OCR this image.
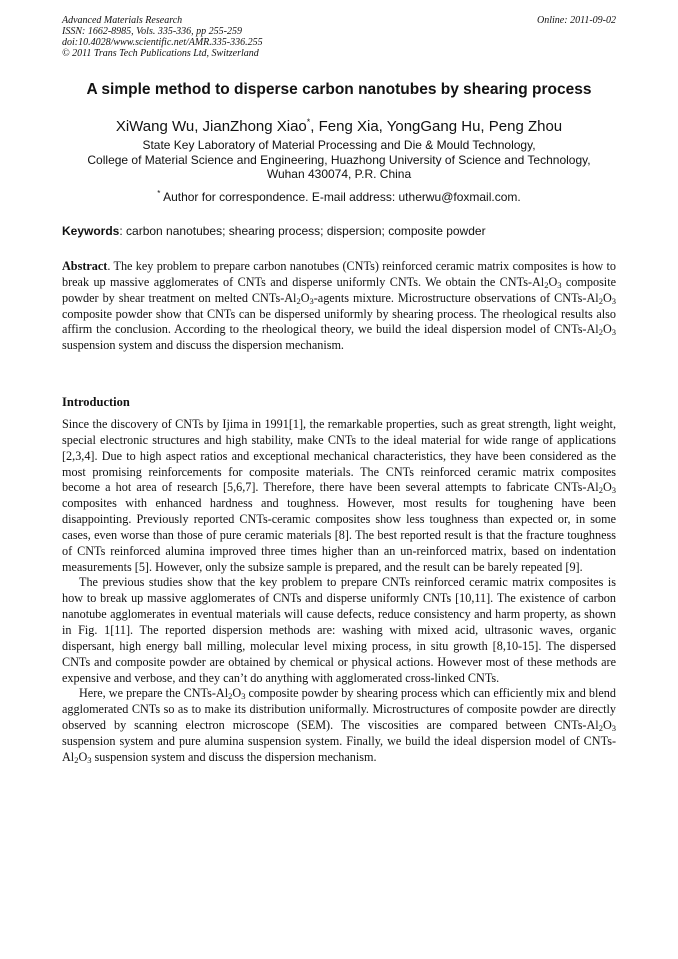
Advanced Materials Research
ISSN: 1662-8985, Vols. 335-336, pp 255-259
doi:10.4028/www.scientific.net/AMR.335-336.255
© 2011 Trans Tech Publications Ltd, Switzerland
Online: 2011-09-02
A simple method to disperse carbon nanotubes by shearing process
XiWang Wu, JianZhong Xiao*, Feng Xia, YongGang Hu, Peng Zhou
State Key Laboratory of Material Processing and Die & Mould Technology,
College of Material Science and Engineering, Huazhong University of Science and Technology,
Wuhan 430074, P.R. China
* Author for correspondence. E-mail address: utherwu@foxmail.com.
Keywords: carbon nanotubes; shearing process; dispersion; composite powder
Abstract. The key problem to prepare carbon nanotubes (CNTs) reinforced ceramic matrix composites is how to break up massive agglomerates of CNTs and disperse uniformly CNTs. We obtain the CNTs-$Al_2O_3$ composite powder by shear treatment on melted CNTs-$Al_2O_3$-agents mixture. Microstructure observations of CNTs-$Al_2O_3$ composite powder show that CNTs can be dispersed uniformly by shearing process. The rheological results also affirm the conclusion. According to the rheological theory, we build the ideal dispersion model of CNTs-$Al_2O_3$ suspension system and discuss the dispersion mechanism.
Introduction

Since the discovery of CNTs by Ijima in 1991[1], the remarkable properties, such as great strength, light weight, special electronic structures and high stability, make CNTs to the ideal material for wide range of applications [2,3,4]. Due to high aspect ratios and exceptional mechanical characteristics, they have been considered as the most promising reinforcements for composite materials. The CNTs reinforced ceramic matrix composites become a hot area of research [5,6,7]. Therefore, there have been several attempts to fabricate CNTs-$Al_2O_3$ composites with enhanced hardness and toughness. However, most results for toughening have been disappointing. Previously reported CNTs-ceramic composites show less toughness than expected or, in some cases, even worse than those of pure ceramic materials [8]. The best reported result is that the fracture toughness of CNTs reinforced alumina improved three times higher than an un-reinforced matrix, based on indentation measurements [5]. However, only the subsize sample is prepared, and the result can be barely repeated [9].

The previous studies show that the key problem to prepare CNTs reinforced ceramic matrix composites is how to break up massive agglomerates of CNTs and disperse uniformly CNTs [10,11]. The existence of carbon nanotube agglomerates in eventual materials will cause defects, reduce consistency and harm property, as shown in Fig. 1[11]. The reported dispersion methods are: washing with mixed acid, ultrasonic waves, organic dispersant, high energy ball milling, molecular level mixing process, in situ growth [8,10-15]. The dispersed CNTs and composite powder are obtained by chemical or physical actions. However most of these methods are expensive and verbose, and they can’t do anything with agglomerated cross-linked CNTs.

Here, we prepare the CNTs-$Al_2O_3$ composite powder by shearing process which can efficiently mix and blend agglomerated CNTs so as to make its distribution uniformally. Microstructures of composite powder are directly observed by scanning electron microscope (SEM). The viscosities are compared between CNTs-$Al_2O_3$ suspension system and pure alumina suspension system. Finally, we build the ideal dispersion model of CNTs-$Al_2O_3$ suspension system and discuss the dispersion mechanism.
